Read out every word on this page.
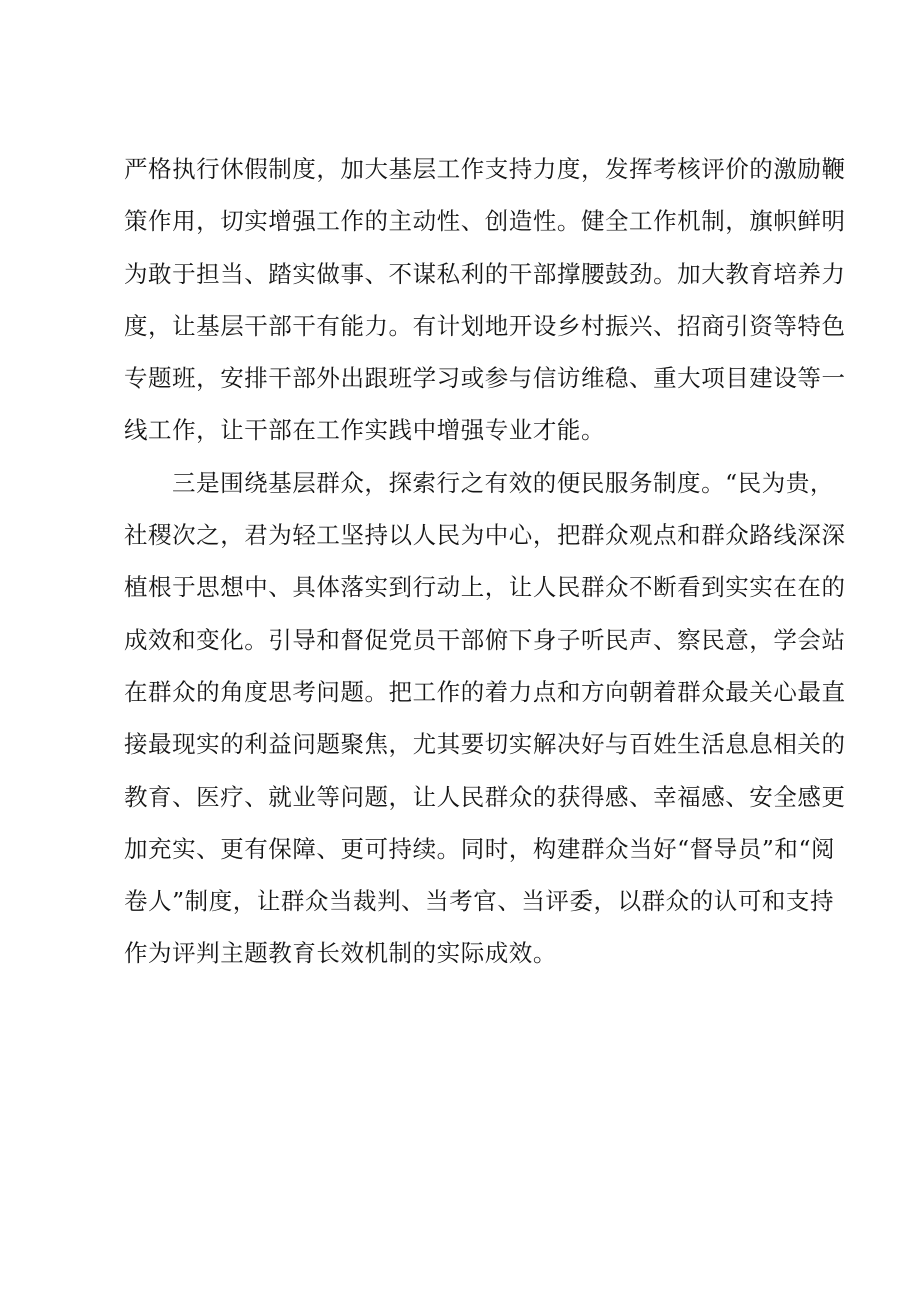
严格执行休假制度，加大基层工作支持力度，发挥考核评价的激励鞭
策作用，切实增强工作的主动性、创造性。健全工作机制，旗帜鲜明
为敢于担当、踏实做事、不谋私利的干部撑腰鼓劲。加大教育培养力
度，让基层干部干有能力。有计划地开设乡村振兴、招商引资等特色
专题班，安排干部外出跟班学习或参与信访维稳、重大项目建设等一
线工作，让干部在工作实践中增强专业才能。
三是围绕基层群众，探索行之有效的便民服务制度。“民为贵，
社稷次之，君为轻工坚持以人民为中心，把群众观点和群众路线深深
植根于思想中、具体落实到行动上，让人民群众不断看到实实在在的
成效和变化。引导和督促党员干部俯下身子听民声、察民意，学会站
在群众的角度思考问题。把工作的着力点和方向朝着群众最关心最直
接最现实的利益问题聚焦，尤其要切实解决好与百姓生活息息相关的
教育、医疗、就业等问题，让人民群众的获得感、幸福感、安全感更
加充实、更有保障、更可持续。同时，构建群众当好“督导员”和“阅
卷人”制度，让群众当裁判、当考官、当评委，以群众的认可和支持
作为评判主题教育长效机制的实际成效。
